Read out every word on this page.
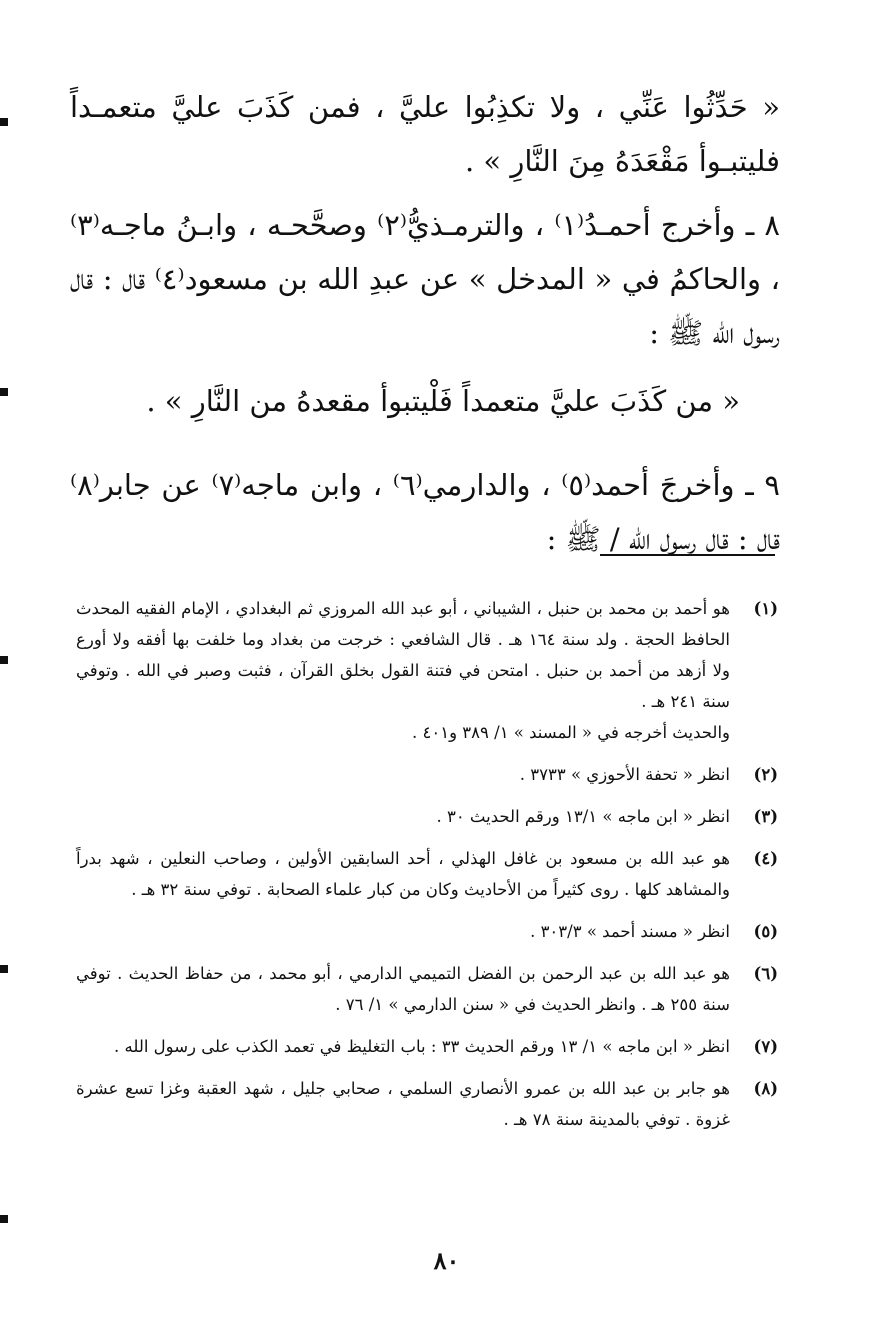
« حَدِّثُوا عَنِّي ، ولا تكذِبُوا عليَّ ، فمن كَذَبَ عليَّ متعمـداً فليتبـوأ مَقْعَدَهُ مِنَ النَّارِ » .

٨ ـ وأخرج أحمـدُ⁽١⁾ ، والترمـذيُّ⁽٢⁾ وصحَّحـه ، وابـنُ ماجـه⁽٣⁾ ، والحاكمُ في « المدخل » عن عبدِ الله بن مسعود⁽٤⁾ قال : قال رسول الله ﷺ :

« من كَذَبَ عليَّ متعمداً فَلْيتبوأ مقعدهُ من النَّارِ » .

٩ ـ وأخرجَ أحمد⁽٥⁾ ، والدارمي⁽٦⁾ ، وابن ماجه⁽٧⁾ عن جابر⁽٨⁾ قال : قال رسول الله / ﷺ :

(١)
هو أحمد بن محمد بن حنبل ، الشيباني ، أبو عبد الله المروزي ثم البغدادي ، الإمام الفقيه المحدث الحافظ الحجة . ولد سنة ١٦٤ هـ . قال الشافعي : خرجت من بغداد وما خلفت بها أفقه ولا أورع ولا أزهد من أحمد بن حنبل . امتحن في فتنة القول بخلق القرآن ، فثبت وصبر في الله . وتوفي سنة ٢٤١ هـ .
والحديث أخرجه في « المسند » ١/ ٣٨٩ و٤٠١ .
(٢)
انظر « تحفة الأحوزي » ٣٧٣٣ .
(٣)
انظر « ابن ماجه » ١٣/١ ورقم الحديث ٣٠ .
(٤)
هو عبد الله بن مسعود بن غافل الهذلي ، أحد السابقين الأولين ، وصاحب النعلين ، شهد بدراً والمشاهد كلها . روى كثيراً من الأحاديث وكان من كبار علماء الصحابة . توفي سنة ٣٢ هـ .
(٥)
انظر « مسند أحمد » ٣٠٣/٣ .
(٦)
هو عبد الله بن عبد الرحمن بن الفضل التميمي الدارمي ، أبو محمد ، من حفاظ الحديث . توفي سنة ٢٥٥ هـ . وانظر الحديث في « سنن الدارمي » ١/ ٧٦ .
(٧)
انظر « ابن ماجه » ١/ ١٣ ورقم الحديث ٣٣ : باب التغليظ في تعمد الكذب على رسول الله .
(٨)
هو جابر بن عبد الله بن عمرو الأنصاري السلمي ، صحابي جليل ، شهد العقبة وغزا تسع عشرة غزوة . توفي بالمدينة سنة ٧٨ هـ .
٨٠
